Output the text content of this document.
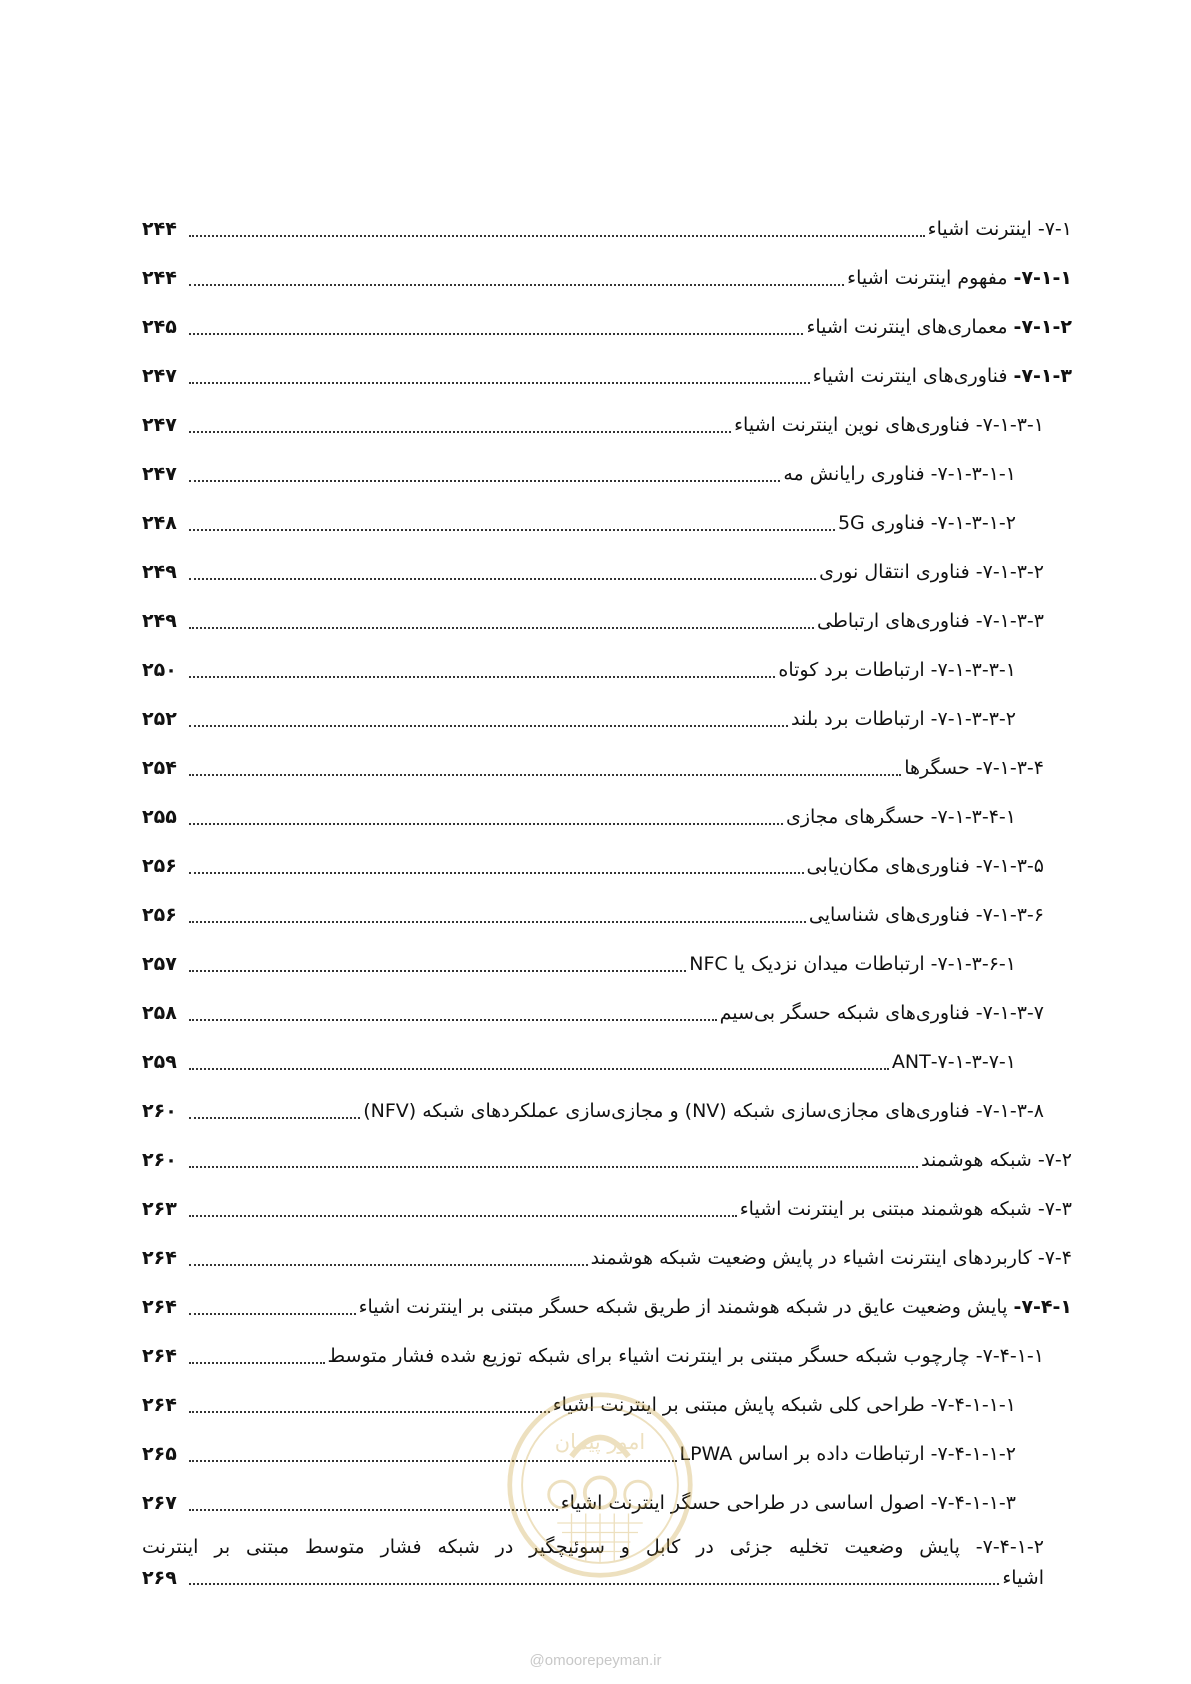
۷-۱- اینترنت اشیاء
۲۴۴
۷-۱-۱- مفهوم اینترنت اشیاء
۲۴۴
۷-۱-۲- معماری‌های اینترنت اشیاء
۲۴۵
۷-۱-۳- فناوری‌های اینترنت اشیاء
۲۴۷
۷-۱-۳-۱- فناوری‌های نوین اینترنت اشیاء
۲۴۷
۷-۱-۳-۱-۱- فناوری رایانش مه
۲۴۷
۷-۱-۳-۱-۲- فناوری 5G
۲۴۸
۷-۱-۳-۲- فناوری انتقال نوری
۲۴۹
۷-۱-۳-۳- فناوری‌های ارتباطی
۲۴۹
۷-۱-۳-۳-۱- ارتباطات برد کوتاه
۲۵۰
۷-۱-۳-۳-۲- ارتباطات برد بلند
۲۵۲
۷-۱-۳-۴- حسگرها
۲۵۴
۷-۱-۳-۴-۱- حسگرهای مجازی
۲۵۵
۷-۱-۳-۵- فناوری‌های مکان‌یابی
۲۵۶
۷-۱-۳-۶- فناوری‌های شناسایی
۲۵۶
۷-۱-۳-۶-۱- ارتباطات میدان نزدیک یا NFC
۲۵۷
۷-۱-۳-۷- فناوری‌های شبکه حسگر بی‌سیم
۲۵۸
۷-۱-۳-۷-۱-ANT
۲۵۹
۷-۱-۳-۸- فناوری‌های مجازی‌سازی شبکه (NV) و مجازی‌سازی عملکردهای شبکه (NFV)
۲۶۰
۷-۲- شبکه هوشمند
۲۶۰
۷-۳- شبکه هوشمند مبتنی بر اینترنت اشیاء
۲۶۳
۷-۴- کاربردهای اینترنت اشیاء در پایش وضعیت شبکه هوشمند
۲۶۴
۷-۴-۱- پایش وضعیت عایق در شبکه هوشمند از طریق شبکه حسگر مبتنی بر اینترنت اشیاء
۲۶۴
۷-۴-۱-۱- چارچوب شبکه حسگر مبتنی بر اینترنت اشیاء برای شبکه توزیع شده فشار متوسط
۲۶۴
۷-۴-۱-۱-۱- طراحی کلی شبکه پایش مبتنی بر اینترنت اشیاء
۲۶۴
۷-۴-۱-۱-۲- ارتباطات داده بر اساس LPWA
۲۶۵
۷-۴-۱-۱-۳- اصول اساسی در طراحی حسگر اینترنت اشیاء
۲۶۷
۷-۴-۱-۲- پایش وضعیت تخلیه جزئی در کابل و سوئیچگیر در شبکه فشار متوسط مبتنی بر اینترنت
اشیاء
۲۶۹
امور پیمان
@omoorepeyman.ir
